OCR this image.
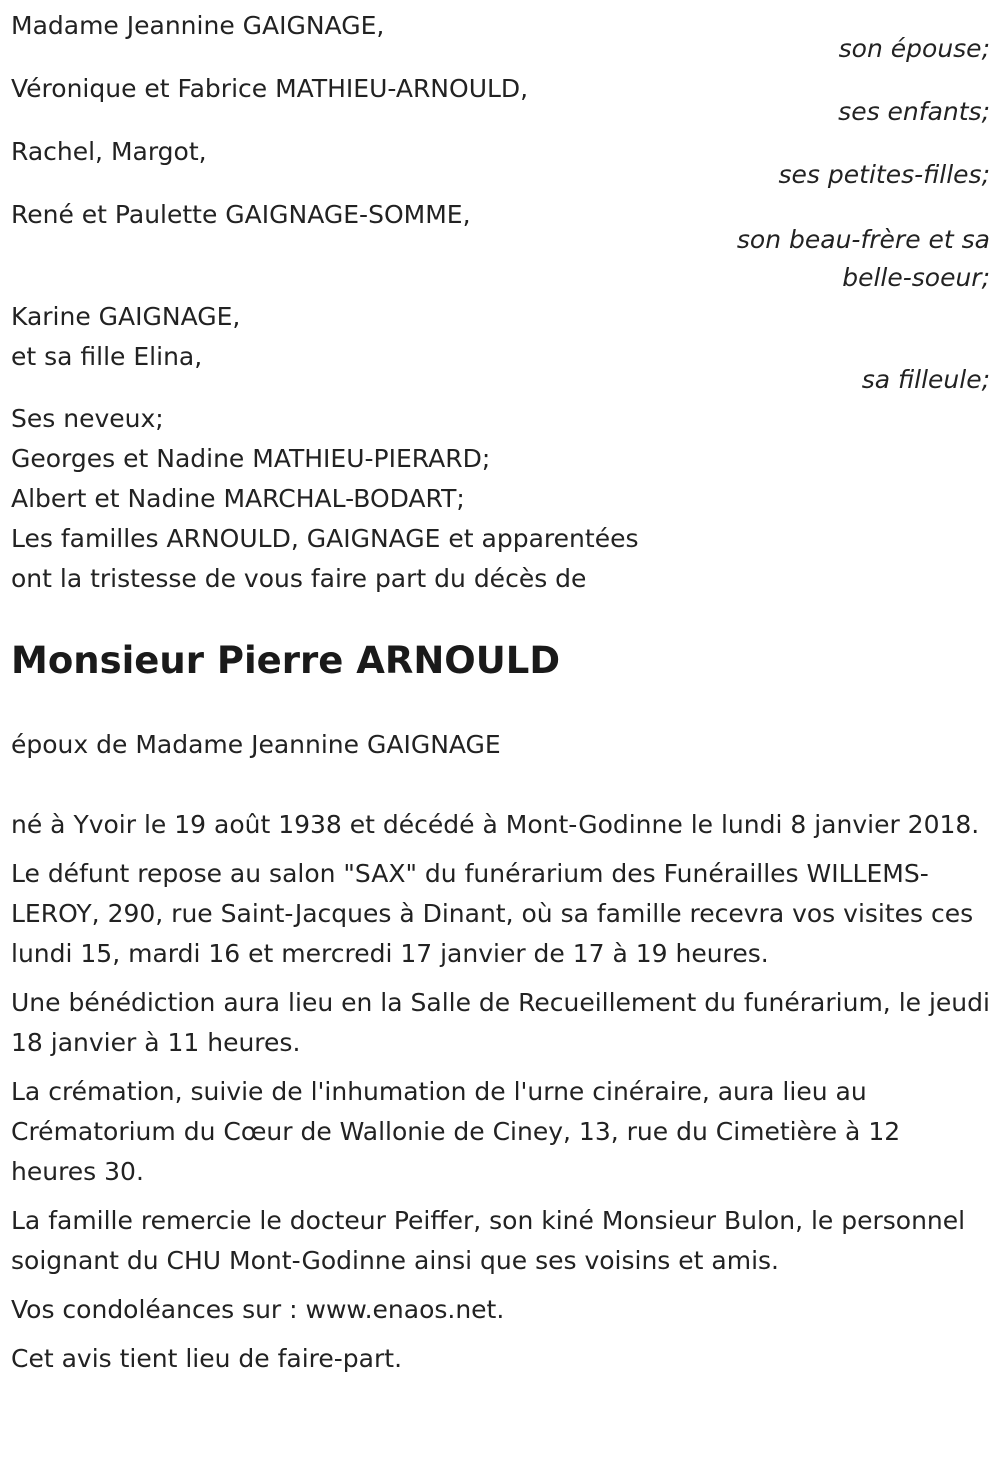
Madame Jeannine GAIGNAGE,
son épouse;
Véronique et Fabrice MATHIEU-ARNOULD,
ses enfants;
Rachel, Margot,
ses petites-filles;
René et Paulette GAIGNAGE-SOMME,
son beau-frère et sa belle-soeur;
Karine GAIGNAGE,
et sa fille Elina,
sa filleule;
Ses neveux;
Georges et Nadine MATHIEU-PIERARD;
Albert et Nadine MARCHAL-BODART;
Les familles ARNOULD, GAIGNAGE et apparentées
ont la tristesse de vous faire part du décès de
Monsieur Pierre ARNOULD
époux de Madame Jeannine GAIGNAGE

né à Yvoir le 19 août 1938 et décédé à Mont-Godinne le lundi 8 janvier 2018.

Le défunt repose au salon "SAX" du funérarium des Funérailles WILLEMS-LEROY, 290, rue Saint-Jacques à Dinant, où sa famille recevra vos visites ces lundi 15, mardi 16 et mercredi 17 janvier de 17 à 19 heures.

Une bénédiction aura lieu en la Salle de Recueillement du funérarium, le jeudi 18 janvier à 11 heures.

La crémation, suivie de l'inhumation de l'urne cinéraire, aura lieu au Crématorium du Cœur de Wallonie de Ciney, 13, rue du Cimetière à 12 heures 30.

La famille remercie le docteur Peiffer, son kiné Monsieur Bulon, le personnel soignant du CHU Mont-Godinne ainsi que ses voisins et amis.

Vos condoléances sur : www.enaos.net.

Cet avis tient lieu de faire-part.
